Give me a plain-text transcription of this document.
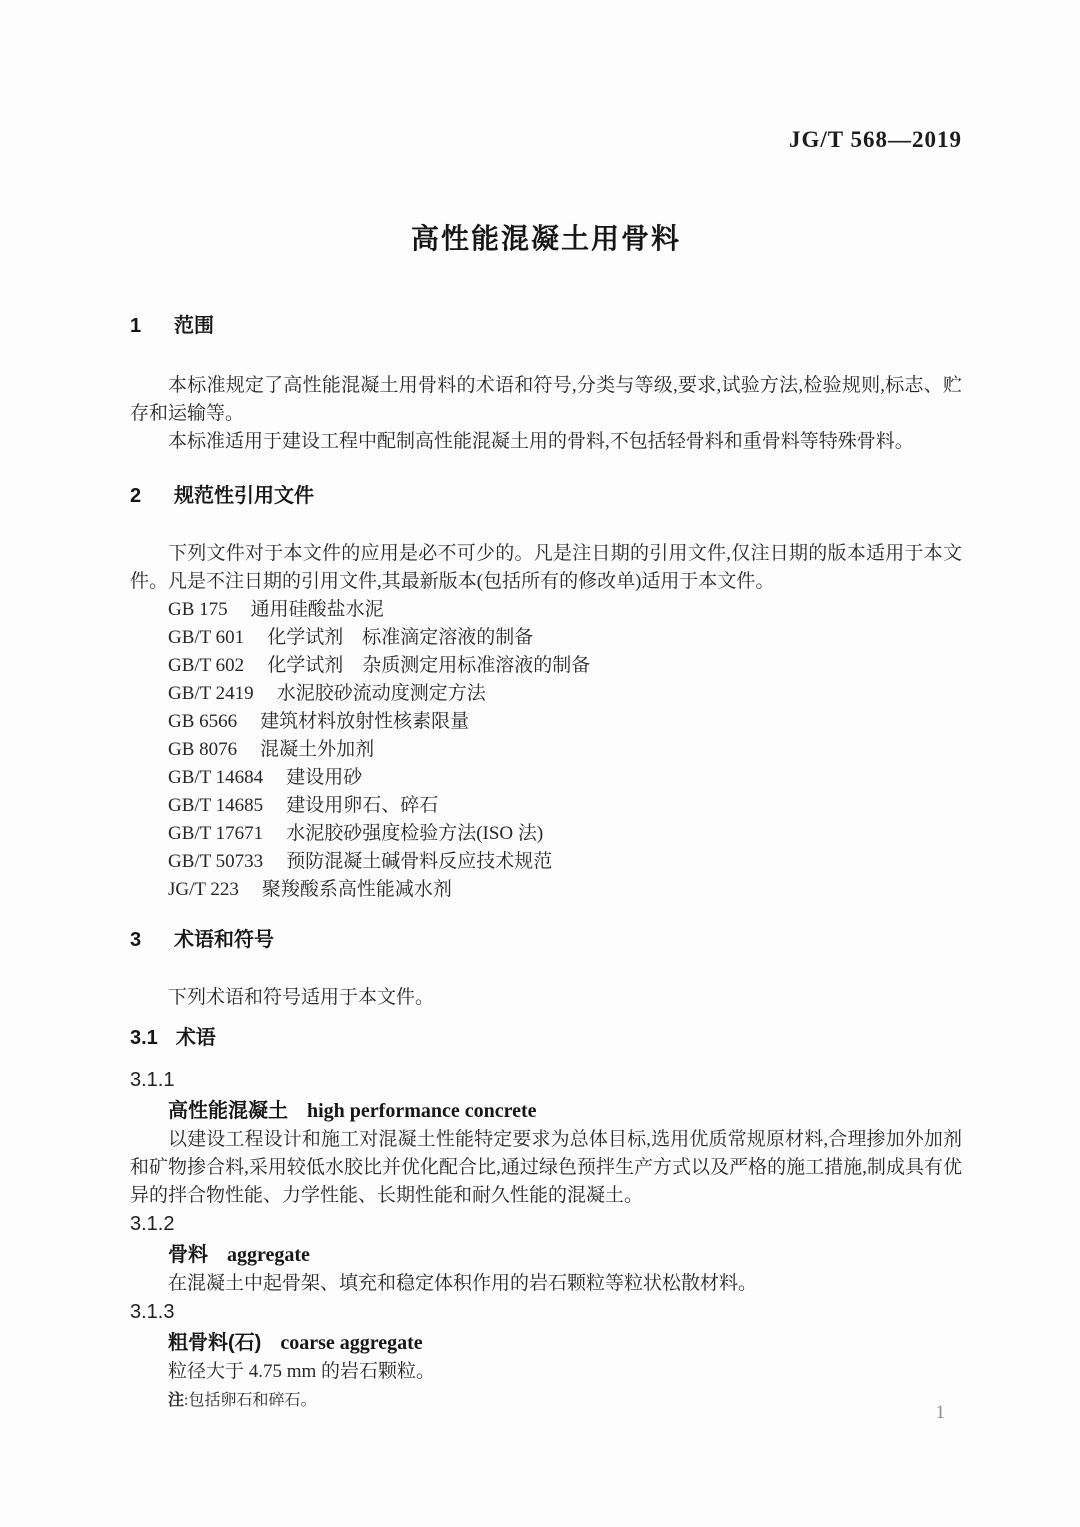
JG/T 568—2019
高性能混凝土用骨料
1 范围

本标准规定了高性能混凝土用骨料的术语和符号,分类与等级,要求,试验方法,检验规则,标志、贮存和运输等。

本标准适用于建设工程中配制高性能混凝土用的骨料,不包括轻骨料和重骨料等特殊骨料。

2 规范性引用文件

下列文件对于本文件的应用是必不可少的。凡是注日期的引用文件,仅注日期的版本适用于本文件。凡是不注日期的引用文件,其最新版本(包括所有的修改单)适用于本文件。

GB 175 通用硅酸盐水泥
GB/T 601 化学试剂　标准滴定溶液的制备
GB/T 602 化学试剂　杂质测定用标准溶液的制备
GB/T 2419 水泥胶砂流动度测定方法
GB 6566 建筑材料放射性核素限量
GB 8076 混凝土外加剂
GB/T 14684 建设用砂
GB/T 14685 建设用卵石、碎石
GB/T 17671 水泥胶砂强度检验方法(ISO 法)
GB/T 50733 预防混凝土碱骨料反应技术规范
JG/T 223 聚羧酸系高性能减水剂
3 术语和符号

下列术语和符号适用于本文件。

3.1 术语
3.1.1
高性能混凝土 high performance concrete

以建设工程设计和施工对混凝土性能特定要求为总体目标,选用优质常规原材料,合理掺加外加剂和矿物掺合料,采用较低水胶比并优化配合比,通过绿色预拌生产方式以及严格的施工措施,制成具有优异的拌合物性能、力学性能、长期性能和耐久性能的混凝土。

3.1.2
骨料 aggregate

在混凝土中起骨架、填充和稳定体积作用的岩石颗粒等粒状松散材料。

3.1.3
粗骨料(石) coarse aggregate

粒径大于 4.75 mm 的岩石颗粒。

注:包括卵石和碎石。
1
